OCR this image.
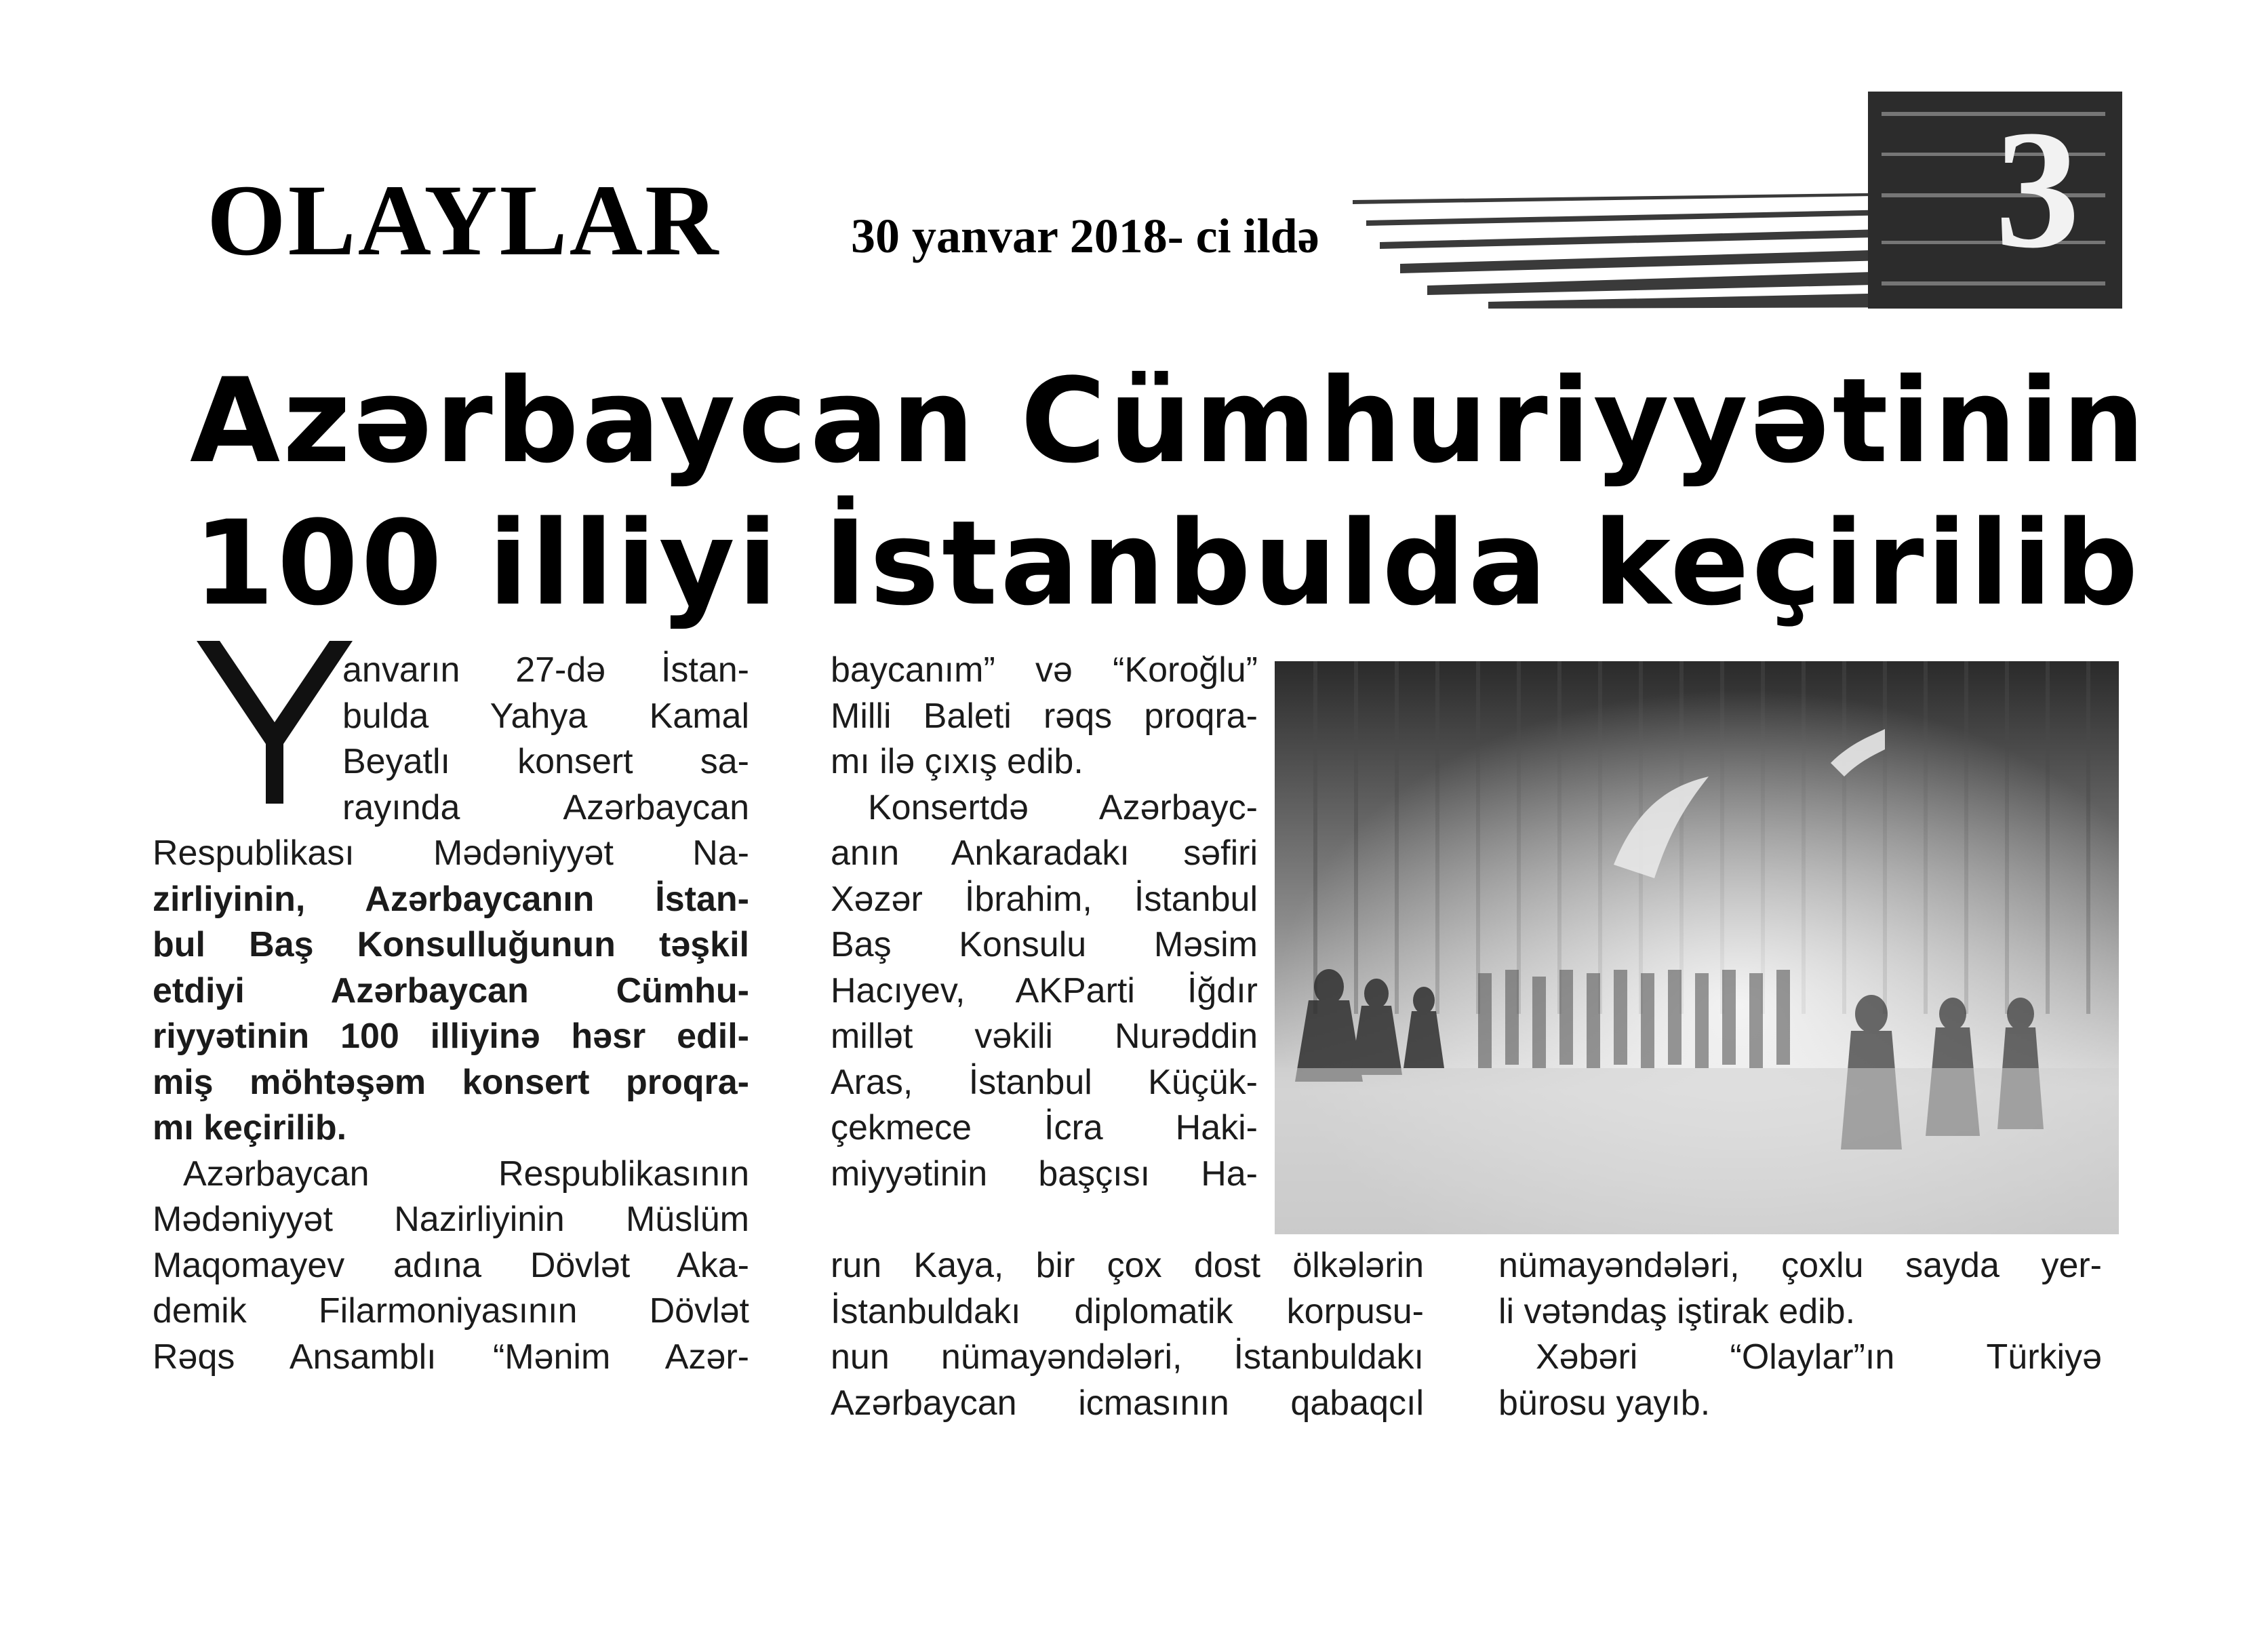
OLAYLAR	30 yanvar 2018- ci ildə	3
Azərbaycan Cümhuriyyətinin
100 illiyi İstanbulda keçirilib
anvarın 27-də İstan-
bulda Yahya Kamal
Beyatlı konsert sa-
rayında Azərbaycan
Respublikası Mədəniyyət Na-
zirliyinin, Azərbaycanın İstan-
bul Baş Konsulluğunun təşkil
etdiyi Azərbaycan Cümhu-
riyyətinin 100 illiyinə həsr edil-
miş möhtəşəm konsert proqra-
mı keçirilib.
Azərbaycan Respublikasının
Mədəniyyət Nazirliyinin Müslüm
Maqomayev adına Dövlət Aka-
demik Filarmoniyasının Dövlət
Rəqs Ansamblı “Mənim Azər-
baycanım” və “Koroğlu”
Milli Baleti rəqs proqra-
mı ilə çıxış edib.
Konsertdə Azərbayc-
anın Ankaradakı səfiri
Xəzər İbrahim, İstanbul
Baş Konsulu Məsim
Hacıyev, AKParti İğdır
millət vəkili Nurəddin
Aras, İstanbul Küçük-
çekmece İcra Haki-
miyyətinin başçısı Ha-
run Kaya, bir çox dost ölkələrin
İstanbuldakı diplomatik korpusu-
nun nümayəndələri, İstanbuldakı
Azərbaycan icmasının qabaqcıl
nümayəndələri, çoxlu sayda yer-
li vətəndaş iştirak edib.
Xəbəri “Olaylar”ın Türkiyə
bürosu yayıb.
